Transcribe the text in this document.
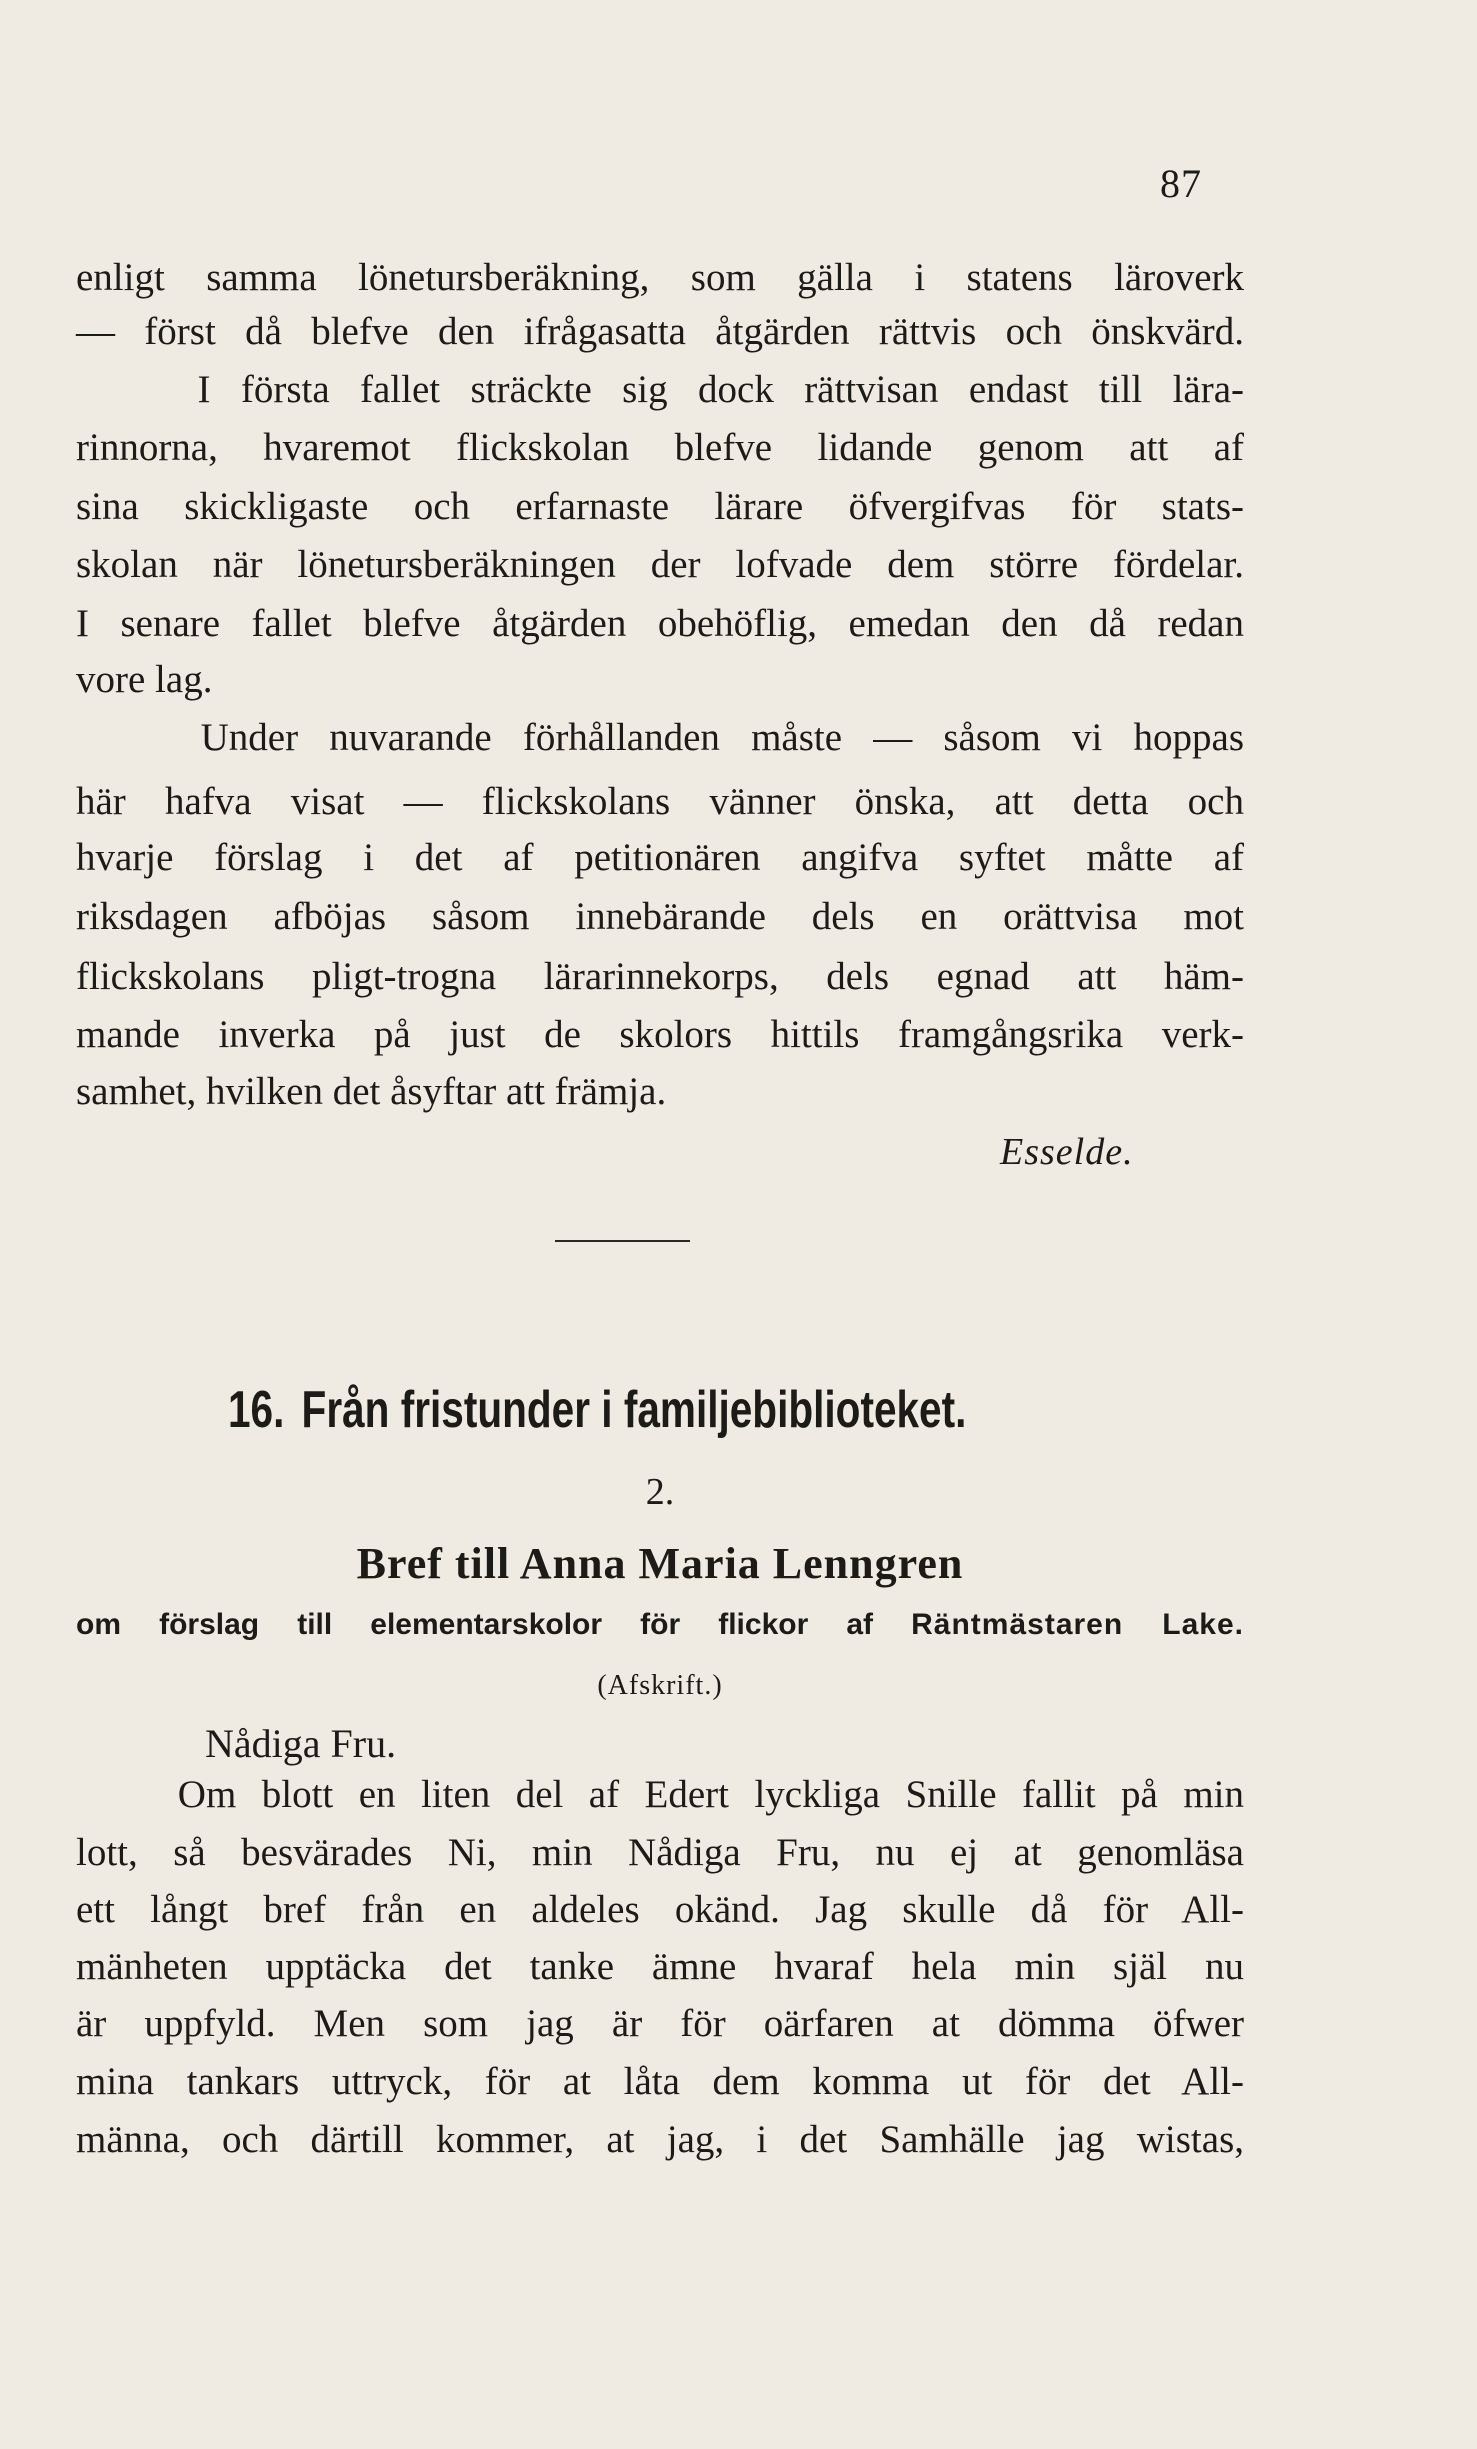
87
enligt samma lönetursberäkning, som gälla i statens läroverk
— först då blefve den ifrågasatta åtgärden rättvis och önskvärd.
I första fallet sträckte sig dock rättvisan endast till lära-
rinnorna, hvaremot flickskolan blefve lidande genom att af
sina skickligaste och erfarnaste lärare öfvergifvas för stats-
skolan när lönetursberäkningen der lofvade dem större fördelar.
I senare fallet blefve åtgärden obehöflig, emedan den då redan
vore lag.
Under nuvarande förhållanden måste — såsom vi hoppas
här hafva visat — flickskolans vänner önska, att detta och
hvarje förslag i det af petitionären angifva syftet måtte af
riksdagen afböjas såsom innebärande dels en orättvisa mot
flickskolans pligt-trogna lärarinnekorps, dels egnad att häm-
mande inverka på just de skolors hittils framgångsrika verk-
samhet, hvilken det åsyftar att främja.
Esselde.
16. Från fristunder i familjebiblioteket.
2.
Bref till Anna Maria Lenngren
om förslag till elementarskolor för flickor af Räntmästaren Lake.
(Afskrift.)
Nådiga Fru.
Om blott en liten del af Edert lyckliga Snille fallit på min
lott, så besvärades Ni, min Nådiga Fru, nu ej at genomläsa
ett långt bref från en aldeles okänd. Jag skulle då för All-
mänheten upptäcka det tanke ämne hvaraf hela min själ nu
är uppfyld. Men som jag är för oärfaren at dömma öfwer
mina tankars uttryck, för at låta dem komma ut för det All-
männa, och därtill kommer, at jag, i det Samhälle jag wistas,
